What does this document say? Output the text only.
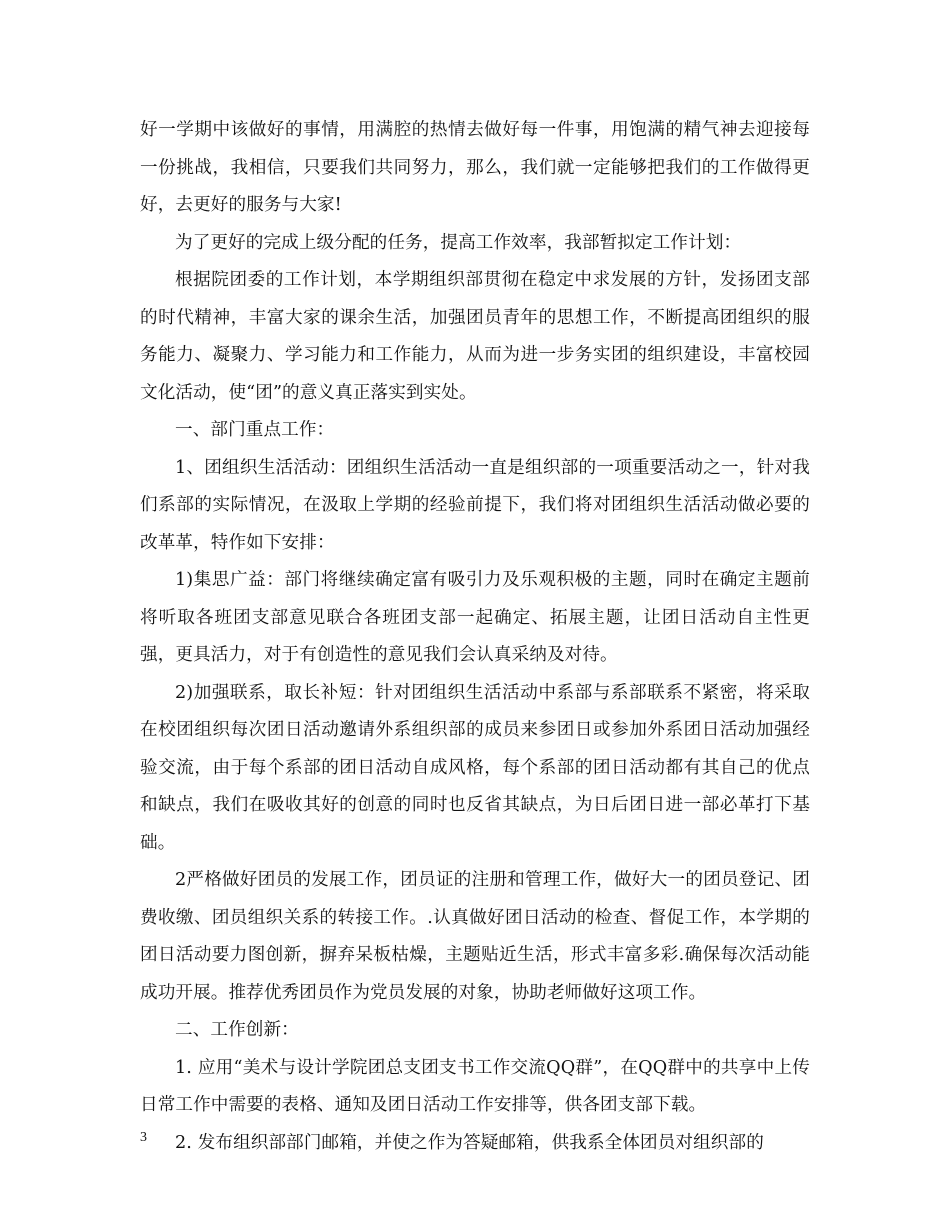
好一学期中该做好的事情，用满腔的热情去做好每一件事，用饱满的精气神去迎接每一份挑战，我相信，只要我们共同努力，那么，我们就一定能够把我们的工作做得更好，去更好的服务与大家!

为了更好的完成上级分配的任务，提高工作效率，我部暂拟定工作计划：

根据院团委的工作计划，本学期组织部贯彻在稳定中求发展的方针，发扬团支部的时代精神，丰富大家的课余生活，加强团员青年的思想工作，不断提高团组织的服务能力、凝聚力、学习能力和工作能力，从而为进一步务实团的组织建设，丰富校园文化活动，使“团”的意义真正落实到实处。

一、部门重点工作：

1、团组织生活活动：团组织生活活动一直是组织部的一项重要活动之一，针对我们系部的实际情况，在汲取上学期的经验前提下，我们将对团组织生活活动做必要的改革革，特作如下安排：

1)集思广益：部门将继续确定富有吸引力及乐观积极的主题，同时在确定主题前将听取各班团支部意见联合各班团支部一起确定、拓展主题，让团日活动自主性更强，更具活力，对于有创造性的意见我们会认真采纳及对待。

2)加强联系，取长补短：针对团组织生活活动中系部与系部联系不紧密，将采取在校团组织每次团日活动邀请外系组织部的成员来参团日或参加外系团日活动加强经验交流，由于每个系部的团日活动自成风格，每个系部的团日活动都有其自己的优点和缺点，我们在吸收其好的创意的同时也反省其缺点，为日后团日进一部必革打下基础。

2严格做好团员的发展工作，团员证的注册和管理工作，做好大一的团员登记、团费收缴、团员组织关系的转接工作。.认真做好团日活动的检查、督促工作，本学期的团日活动要力图创新，摒弃呆板枯燥，主题贴近生活，形式丰富多彩.确保每次活动能成功开展。推荐优秀团员作为党员发展的对象，协助老师做好这项工作。

二、工作创新：

1. 应用“美术与设计学院团总支团支书工作交流QQ群”，在QQ群中的共享中上传日常工作中需要的表格、通知及团日活动工作安排等，供各团支部下载。

2. 发布组织部部门邮箱，并使之作为答疑邮箱，供我系全体团员对组织部的

3
